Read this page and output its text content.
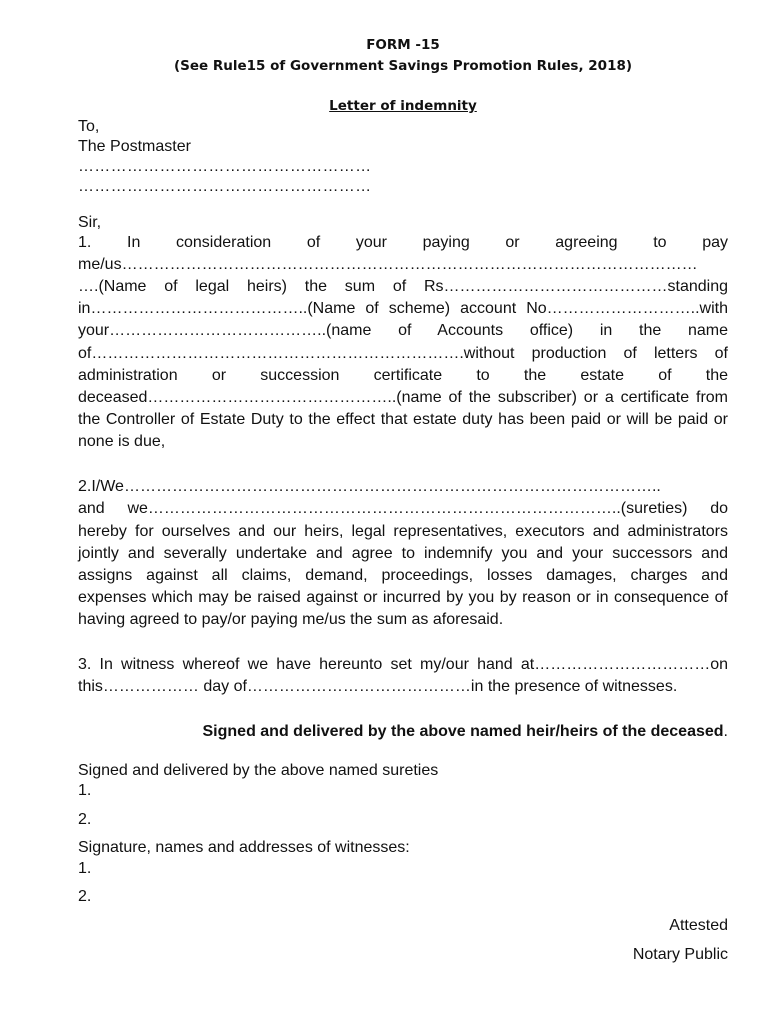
FORM -15
(See Rule15 of Government Savings Promotion Rules, 2018)
Letter of indemnity
To,
The Postmaster
………………………………………………
………………………………………………
Sir,
1. In consideration of your paying or agreeing to pay
me/us………………………………………………………………………………………………
….(Name of legal heirs) the sum of Rs……………………………………standing
in…………………………………..(Name of scheme) account No………………………..with
your…………………………………..(name of Accounts office) in the name
of…………………………………………………………….without production of letters of
administration or succession certificate to the estate of the
deceased………………………………………..(name of the subscriber) or a certificate from
the Controller of Estate Duty to the effect that estate duty has been paid or will be paid or
none is due,
2.I/We………………………………………………………………………………………..
and we……………………………………………………………………………..(sureties) do
hereby for ourselves and our heirs, legal representatives, executors and administrators
jointly and severally undertake and agree to indemnify you and your successors and
assigns against all claims, demand, proceedings, losses damages, charges and
expenses which may be raised against or incurred by you by reason or in consequence of
having agreed to pay/or paying me/us the sum as aforesaid.
3. In witness whereof we have hereunto set my/our hand at……………………………on
this……………… day of……………………………………in the presence of witnesses.
Signed and delivered by the above named heir/heirs of the deceased.
Signed and delivered by the above named sureties
1.
2.
Signature, names and addresses of witnesses:
1.
2.
Attested
Notary Public
